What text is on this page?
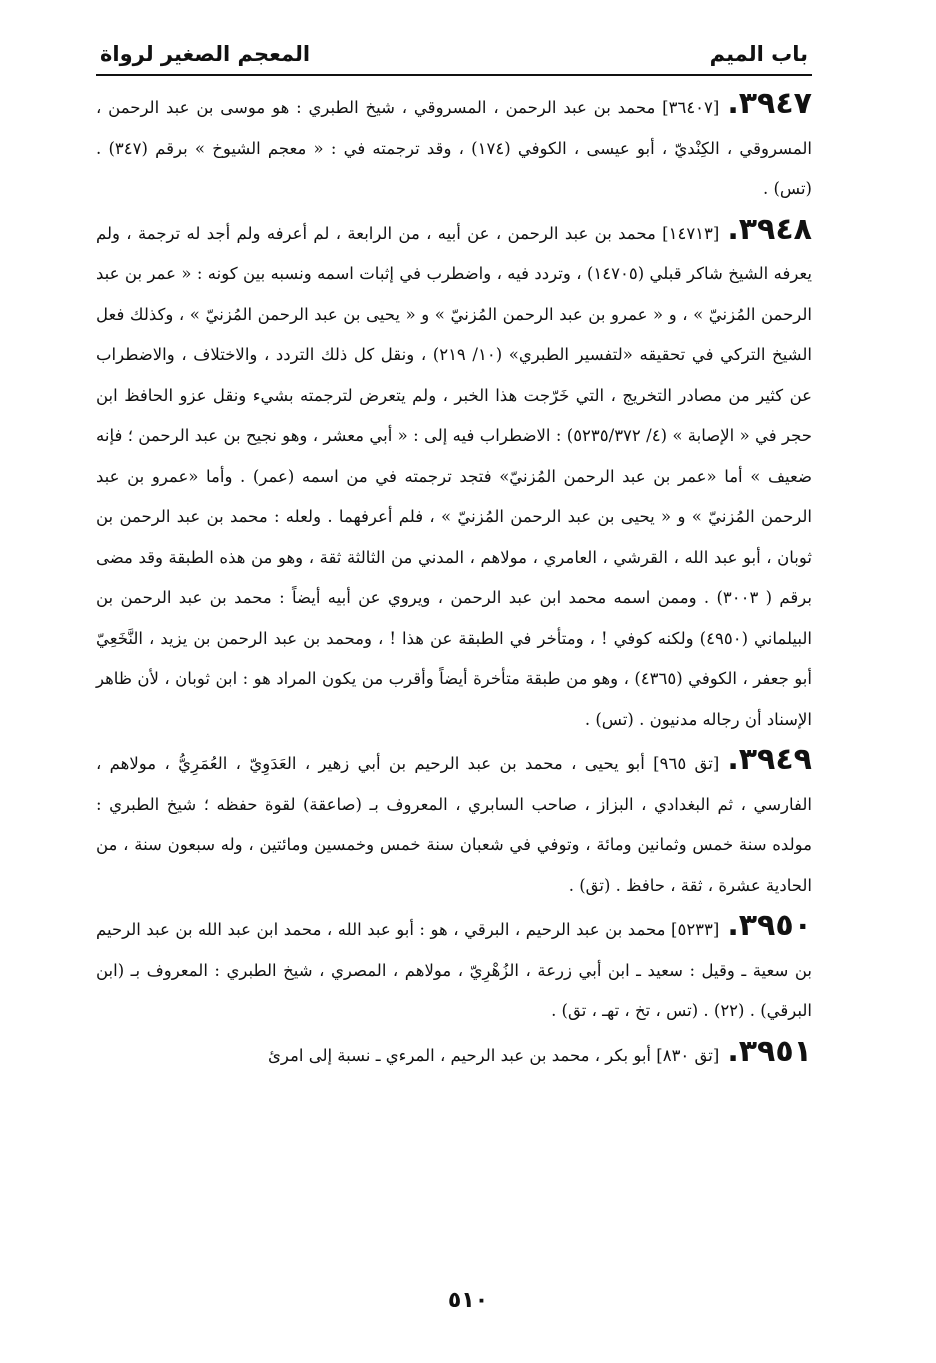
باب الميم
المعجم الصغير لرواة

٣٩٤٧.[٣٦٤٠٧] محمد بن عبد الرحمن ، المسروقي ، شيخ الطبري : هو موسى بن عبد الرحمن ، المسروقي ، الكِنْديّ ، أبو عيسى ، الكوفي (١٧٤) ، وقد ترجمته في : « معجم الشيوخ » برقم (٣٤٧) . (تس) .

٣٩٤٨.[١٤٧١٣] محمد بن عبد الرحمن ، عن أبيه ، من الرابعة ، لم أعرفه ولم أجد له ترجمة ، ولم يعرفه الشيخ شاكر قبلي (١٤٧٠٥) ، وتردد فيه ، واضطرب في إثبات اسمه ونسبه بين كونه : « عمر بن عبد الرحمن المُزنيّ » ، و « عمرو بن عبد الرحمن المُزنيّ » و « يحيى بن عبد الرحمن المُزنيّ » ، وكذلك فعل الشيخ التركي في تحقيقه «لتفسير الطبري» (١٠/ ٢١٩) ، ونقل كل ذلك التردد ، والاختلاف ، والاضطراب عن كثير من مصادر التخريج ، التي خَرّجت هذا الخبر ، ولم يتعرض لترجمته بشيء ونقل عزو الحافظ ابن حجر في « الإصابة » (٤/ ٥٢٣٥/٣٧٢) : الاضطراب فيه إلى : « أبي معشر ، وهو نجيح بن عبد الرحمن ؛ فإنه ضعيف » أما «عمر بن عبد الرحمن المُزنيّ» فتجد ترجمته في من اسمه (عمر) . وأما «عمرو بن عبد الرحمن المُزنيّ » و « يحيى بن عبد الرحمن المُزنيّ » ، فلم أعرفهما . ولعله : محمد بن عبد الرحمن بن ثوبان ، أبو عبد الله ، القرشي ، العامري ، مولاهم ، المدني من الثالثة ثقة ، وهو من هذه الطبقة وقد مضى برقم ( ٣٠٠٣) . وممن اسمه محمد ابن عبد الرحمن ، ويروي عن أبيه أيضاً : محمد بن عبد الرحمن بن البيلماني (٤٩٥٠) ولكنه كوفي ! ، ومتأخر في الطبقة عن هذا ! ، ومحمد بن عبد الرحمن بن يزيد ، النَّخَعِيّ أبو جعفر ، الكوفي (٤٣٦٥) ، وهو من طبقة متأخرة أيضاً وأقرب من يكون المراد هو : ابن ثوبان ، لأن ظاهر الإسناد أن رجاله مدنيون . (تس) .

٣٩٤٩.[تق ٩٦٥] أبو يحيى ، محمد بن عبد الرحيم بن أبي زهير ، العَدَوِيّ ، العُمَرِيُّ ، مولاهم ، الفارسي ، ثم البغدادي ، البزاز ، صاحب السابري ، المعروف بـ (صاعقة) لقوة حفظه ؛ شيخ الطبري : مولده سنة خمس وثمانين ومائة ، وتوفي في شعبان سنة خمس وخمسين ومائتين ، وله سبعون سنة ، من الحادية عشرة ، ثقة ، حافظ . (تق) .

٣٩٥٠.[٥٢٣٣] محمد بن عبد الرحيم ، البرقي ، هو : أبو عبد الله ، محمد ابن عبد الله بن عبد الرحيم بن سعية ـ وقيل : سعيد ـ ابن أبي زرعة ، الزُهْرِيّ ، مولاهم ، المصري ، شيخ الطبري : المعروف بـ (ابن البرقي) . (٢٢) . (تس ، تخ ، تهـ ، تق) .

٣٩٥١.[تق ٨٣٠] أبو بكر ، محمد بن عبد الرحيم ، المرءي ـ نسبة إلى امرئ

٥١٠
